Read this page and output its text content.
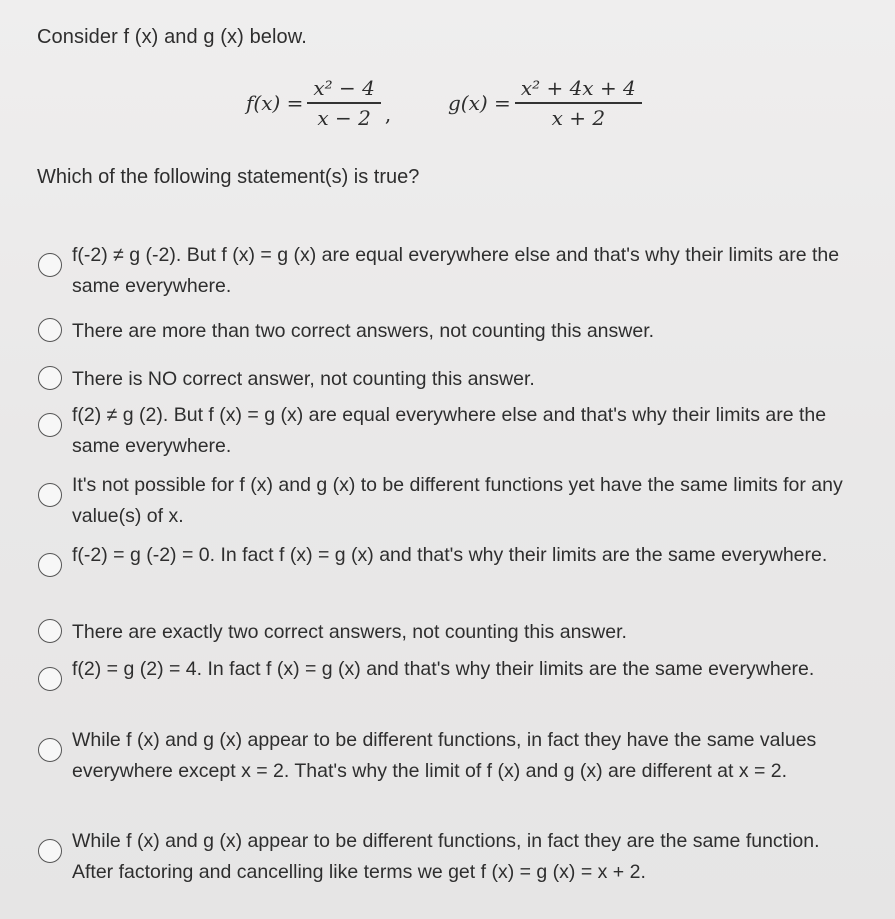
Consider f (x) and g (x) below.
$f(x) = \frac{\text{x² − 4}}{x - 2}$ ,	$g(x) = \frac{\text{x² + 4x + 4}}{x + 2}$
Which of the following statement(s) is true?
f(-2) ≠ g (-2). But f (x) = g (x) are equal everywhere else and that's why their limits are the same everywhere.
There are more than two correct answers, not counting this answer.
There is NO correct answer, not counting this answer.
f(2) ≠ g (2). But f (x) = g (x) are equal everywhere else and that's why their limits are the same everywhere.
It's not possible for f (x) and g (x) to be different functions yet have the same limits for any value(s) of x.
f(-2) = g (-2) = 0. In fact f (x) = g (x) and that's why their limits are the same everywhere.
There are exactly two correct answers, not counting this answer.
f(2) = g (2) = 4. In fact f (x) = g (x) and that's why their limits are the same everywhere.
While f (x) and g (x) appear to be different functions, in fact they have the same values everywhere except x = 2. That's why the limit of f (x) and g (x) are different at x = 2.
While f (x) and g (x) appear to be different functions, in fact they are the same function. After factoring and cancelling like terms we get f (x) = g (x) = x + 2.
